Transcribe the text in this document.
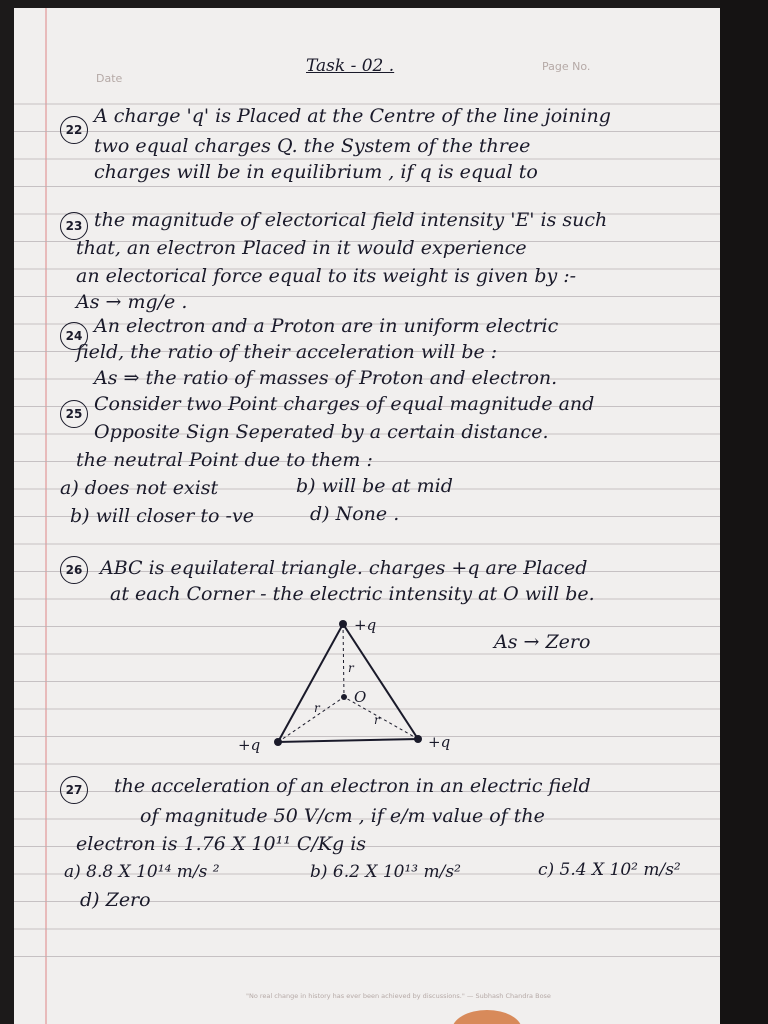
Date
Task - 02 .	Page No.
22
A charge 'q' is Placed at the Centre of the line joining
two equal charges Q. the System of the three
charges will be in equilibrium , if q is equal to
23 the magnitude of electorical field intensity 'E' is such
that, an electron Placed in it would experience
an electorical force equal to its weight is given by :-
As → mg/e .
24 An electron and a Proton are in uniform electric
field, the ratio of their acceleration will be :
As ⇒ the ratio of masses of Proton and electron.
25 Consider two Point charges of equal magnitude and
Opposite Sign Seperated by a certain distance.
the neutral Point due to them :
a) does not exist	b) will be at mid
b) will closer to -ve	d) None .
26 ABC is equilateral triangle. charges +q are Placed
at each Corner - the electric intensity at O will be.
As → Zero
+q
+q	+q
O
r
r
r
27 the acceleration of an electron in an electric field
of magnitude 50 V/cm , if e/m value of the
electron is 1.76 X 10¹¹ C/Kg is
a) 8.8 X 10¹⁴ m/s ²	b) 6.2 X 10¹³ m/s²	c) 5.4 X 10² m/s²
d) Zero
"No real change in history has ever been achieved by discussions." — Subhash Chandra Bose
